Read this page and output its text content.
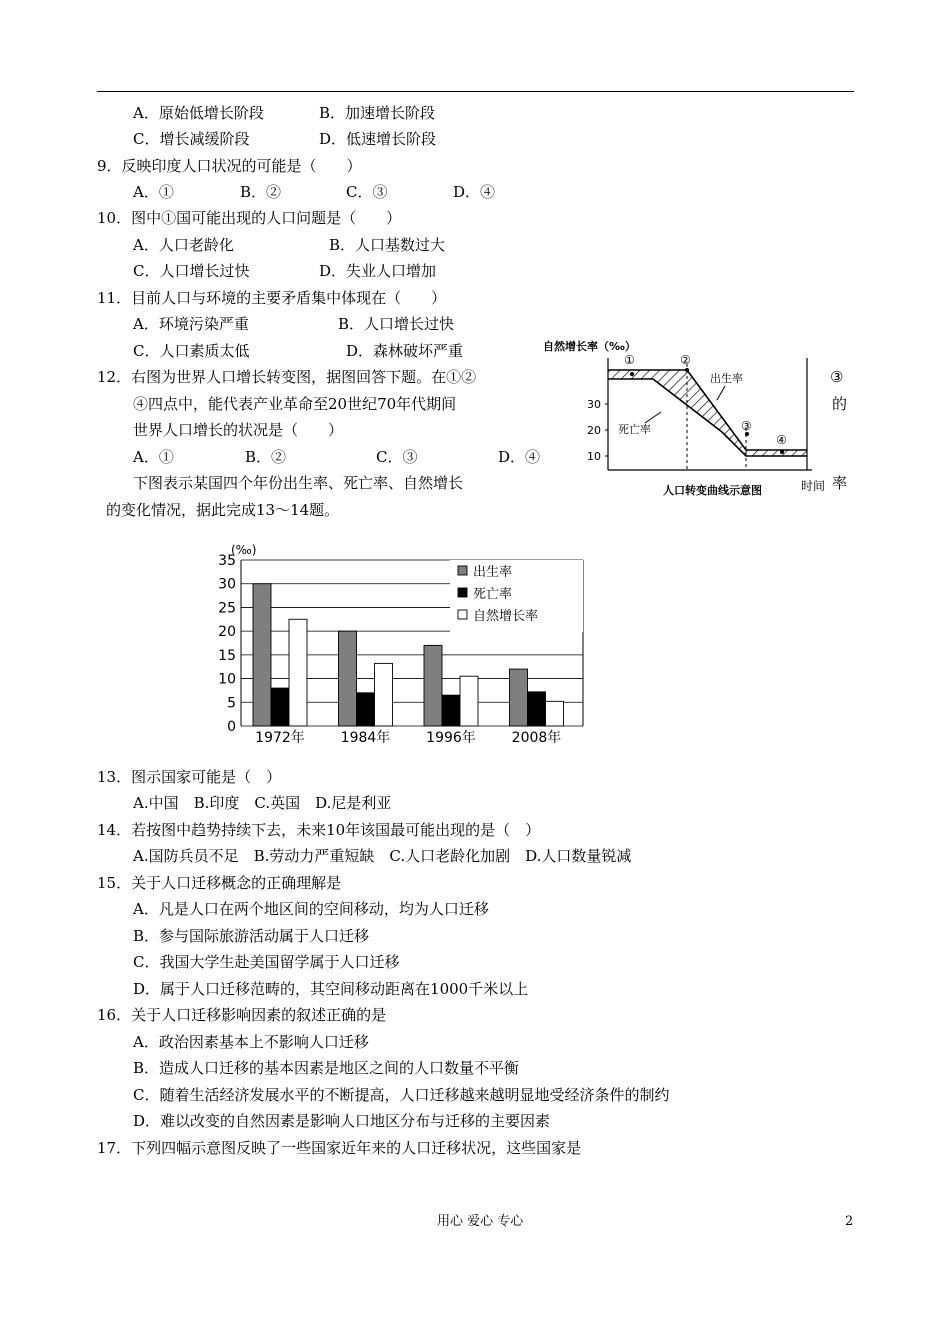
A．原始低增长阶段	B．加速增长阶段
C．增长减缓阶段	D．低速增长阶段
9．反映印度人口状况的可能是（　　）
A．①	B．②	C．③	D．④
10．图中①国可能出现的人口问题是（　　）
A．人口老龄化	B．人口基数过大
C．人口增长过快	D．失业人口增加
11．目前人口与环境的主要矛盾集中体现在（　　）
A．环境污染严重	B．人口增长过快
C．人口素质太低	D．森林破坏严重
12．右图为世界人口增长转变图，据图回答下题。在①②	③
④四点中，能代表产业革命至20世纪70年代期间	的
世界人口增长的状况是（　　）
A．①	B．②	C．③	D．④
下图表示某国四个年份出生率、死亡率、自然增长	率
的变化情况，据此完成13～14题。
自然增长率（‰）
30
20
10
①	②
③
④
出生率
死亡率
人口转变曲线示意图	时间
0
5
10
15
20
25
30
35
1972年	1984年	1996年	2008年
出生率
死亡率
自然增长率
(‰)
13．图示国家可能是（　）
A.中国　B.印度　C.英国　D.尼是利亚
14．若按图中趋势持续下去，未来10年该国最可能出现的是（　）
A.国防兵员不足　B.劳动力严重短缺　C.人口老龄化加剧　D.人口数量锐减
15．关于人口迁移概念的正确理解是
A．凡是人口在两个地区间的空间移动，均为人口迁移
B．参与国际旅游活动属于人口迁移
C．我国大学生赴美国留学属于人口迁移
D．属于人口迁移范畴的，其空间移动距离在1000千米以上
16．关于人口迁移影响因素的叙述正确的是
A．政治因素基本上不影响人口迁移
B．造成人口迁移的基本因素是地区之间的人口数量不平衡
C．随着生活经济发展水平的不断提高，人口迁移越来越明显地受经济条件的制约
D．难以改变的自然因素是影响人口地区分布与迁移的主要因素
17．下列四幅示意图反映了一些国家近年来的人口迁移状况，这些国家是
用心 爱心 专心	2
